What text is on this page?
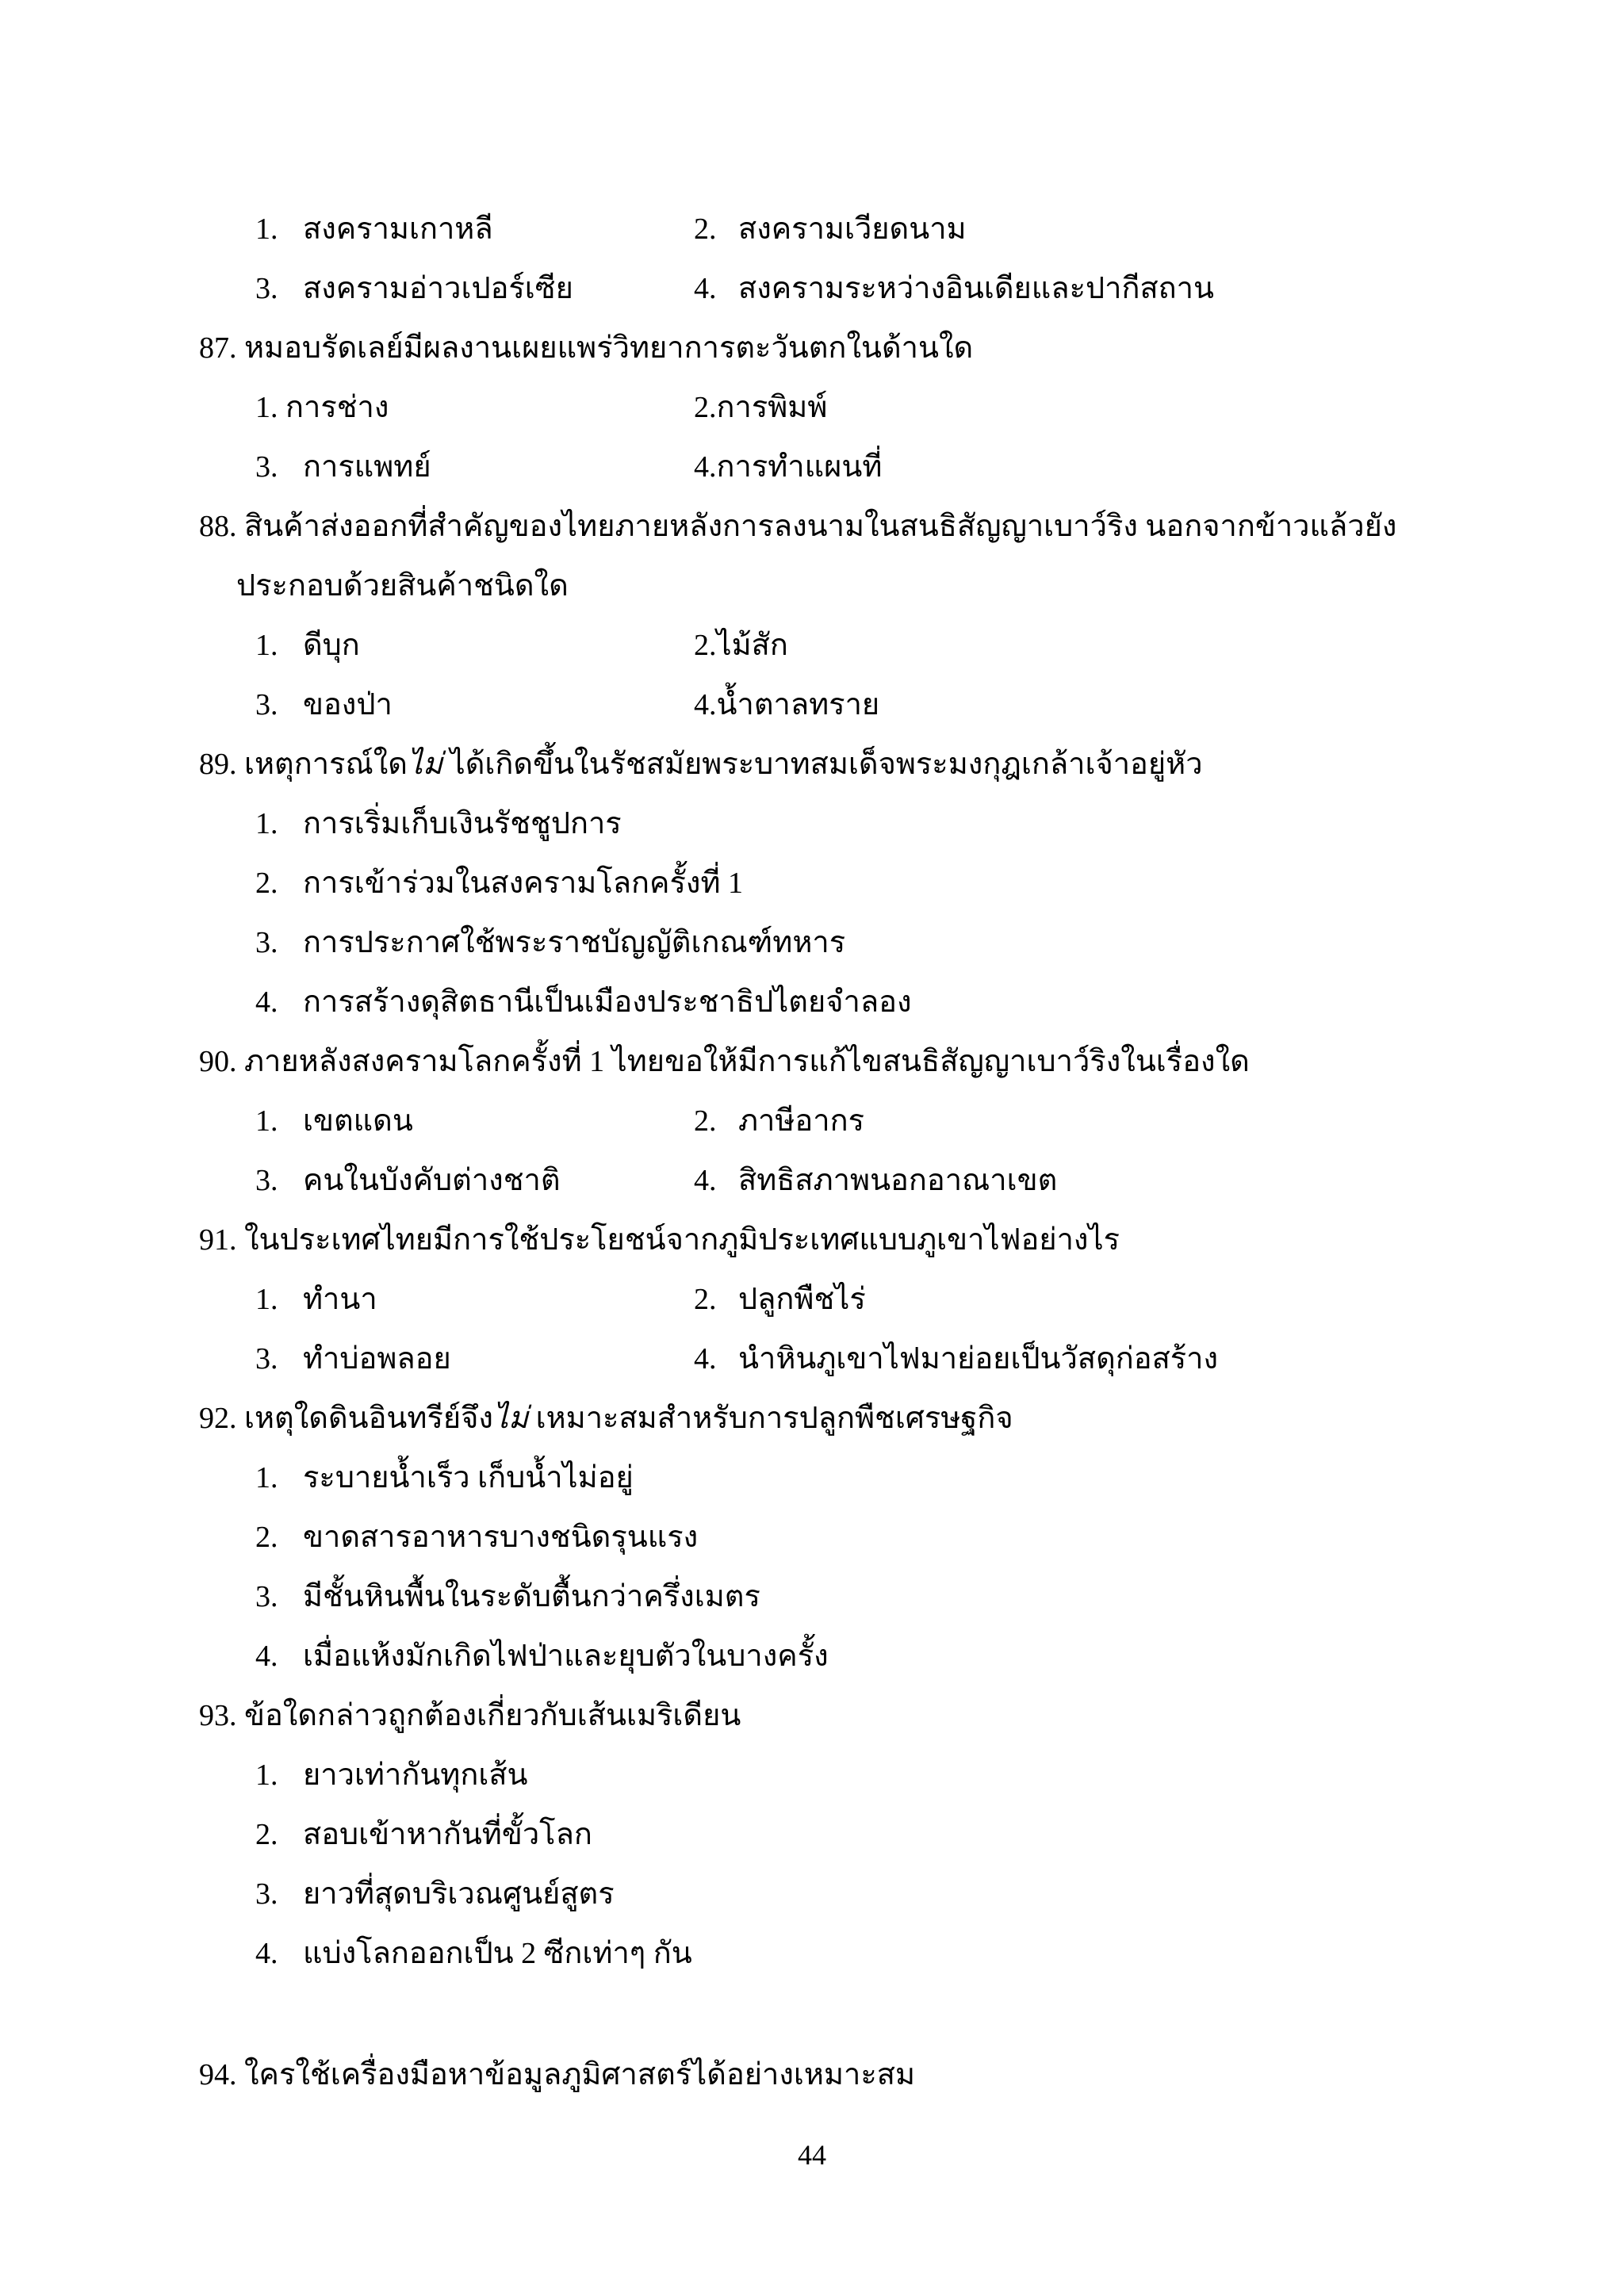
1. สงครามเกาหลี	2. สงครามเวียดนาม
3. สงครามอ่าวเปอร์เซีย	4. สงครามระหว่างอินเดียและปากีสถาน
87. หมอบรัดเลย์มีผลงานเผยแพร่วิทยาการตะวันตกในด้านใด
1. การช่าง	2.การพิมพ์
3. การแพทย์	4.การทำแผนที่
88. สินค้าส่งออกที่สำคัญของไทยภายหลังการลงนามในสนธิสัญญาเบาว์ริง นอกจากข้าวแล้วยัง
ประกอบด้วยสินค้าชนิดใด
1. ดีบุก	2.ไม้สัก
3. ของป่า	4.น้ำตาลทราย
89. เหตุการณ์ใดไม่ ได้เกิดขึ้นในรัชสมัยพระบาทสมเด็จพระมงกุฎเกล้าเจ้าอยู่หัว
1. การเริ่มเก็บเงินรัชชูปการ
2. การเข้าร่วมในสงครามโลกครั้งที่ 1
3. การประกาศใช้พระราชบัญญัติเกณฑ์ทหาร
4. การสร้างดุสิตธานีเป็นเมืองประชาธิปไตยจำลอง
90. ภายหลังสงครามโลกครั้งที่ 1 ไทยขอให้มีการแก้ไขสนธิสัญญาเบาว์ริงในเรื่องใด
1. เขตแดน	2. ภาษีอากร
3. คนในบังคับต่างชาติ	4. สิทธิสภาพนอกอาณาเขต
91. ในประเทศไทยมีการใช้ประโยชน์จากภูมิประเทศแบบภูเขาไฟอย่างไร
1. ทำนา	2. ปลูกพืชไร่
3. ทำบ่อพลอย	4. นำหินภูเขาไฟมาย่อยเป็นวัสดุก่อสร้าง
92. เหตุใดดินอินทรีย์จึงไม่ เหมาะสมสำหรับการปลูกพืชเศรษฐกิจ
1. ระบายน้ำเร็ว เก็บน้ำไม่อยู่
2. ขาดสารอาหารบางชนิดรุนแรง
3. มีชั้นหินพื้นในระดับตื้นกว่าครึ่งเมตร
4. เมื่อแห้งมักเกิดไฟป่าและยุบตัวในบางครั้ง
93. ข้อใดกล่าวถูกต้องเกี่ยวกับเส้นเมริเดียน
1. ยาวเท่ากันทุกเส้น
2. สอบเข้าหากันที่ขั้วโลก
3. ยาวที่สุดบริเวณศูนย์สูตร
4. แบ่งโลกออกเป็น 2 ซีกเท่าๆ กัน
94. ใครใช้เครื่องมือหาข้อมูลภูมิศาสตร์ได้อย่างเหมาะสม
44
